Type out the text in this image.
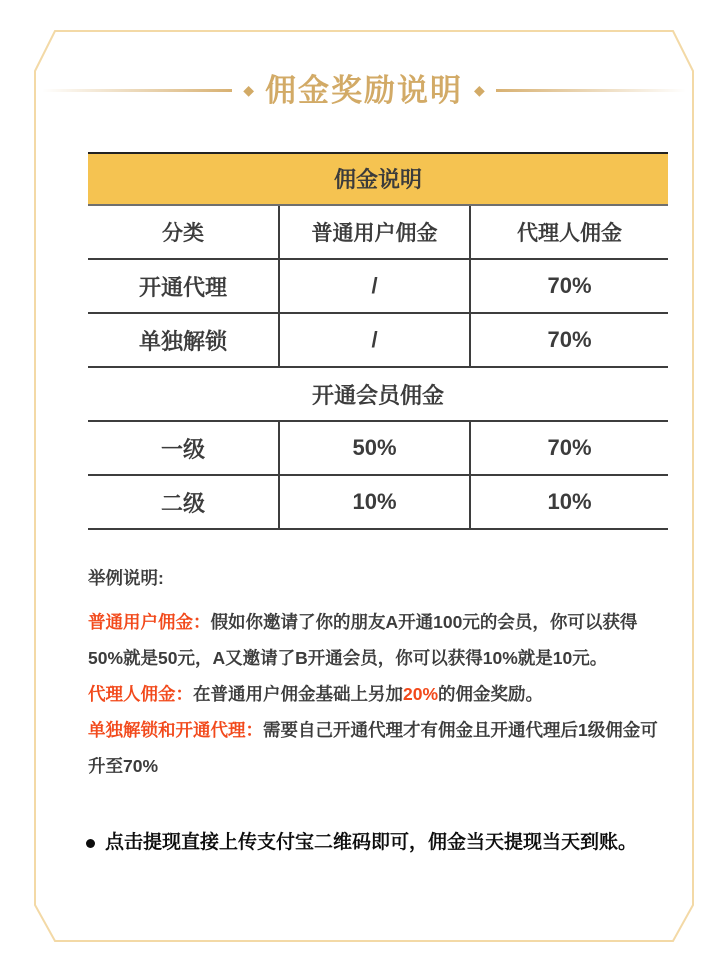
◆ 佣金奖励说明 ◆
佣金说明
分类	普通用户佣金	代理人佣金
开通代理	/	70%
单独解锁	/	70%
开通会员佣金
一级	50%	70%
二级	10%	10%
举例说明:

普通用户佣金：假如你邀请了你的朋友A开通100元的会员，你可以获得50%就是50元，A又邀请了B开通会员，你可以获得10%就是10元。

代理人佣金：在普通用户佣金基础上另加20%的佣金奖励。

单独解锁和开通代理：需要自己开通代理才有佣金且开通代理后1级佣金可升至70%

点击提现直接上传支付宝二维码即可，佣金当天提现当天到账。
